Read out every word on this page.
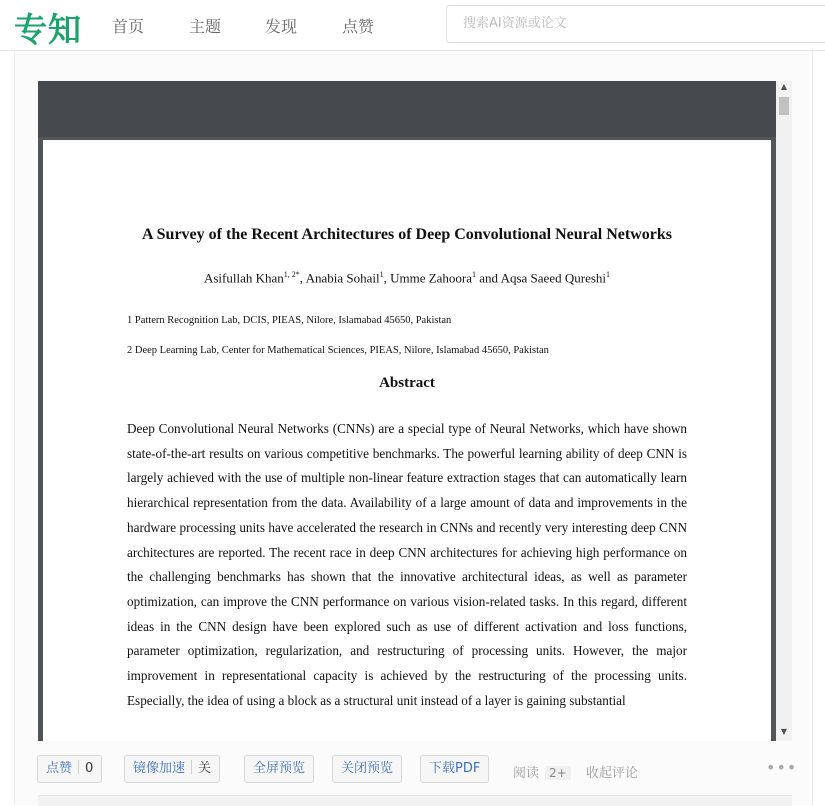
专知 首页	主题	发现	点赞
搜索AI资源或论文
A Survey of the Recent Architectures of Deep Convolutional Neural Networks
Asifullah Khan$^{1, 2*}$, Anabia Sohail$^1$, Umme Zahoora$^1$ and Aqsa Saeed Qureshi$^1$
1 Pattern Recognition Lab, DCIS, PIEAS, Nilore, Islamabad 45650, Pakistan
2 Deep Learning Lab, Center for Mathematical Sciences, PIEAS, Nilore, Islamabad 45650, Pakistan
Abstract
Deep Convolutional Neural Networks (CNNs) are a special type of Neural Networks, which have shown state-of-the-art results on various competitive benchmarks. The powerful learning ability of deep CNN is largely achieved with the use of multiple non-linear feature extraction stages that can automatically learn hierarchical representation from the data. Availability of a large amount of data and improvements in the hardware processing units have accelerated the research in CNNs and recently very interesting deep CNN architectures are reported. The recent race in deep CNN architectures for achieving high performance on the challenging benchmarks has shown that the innovative architectural ideas, as well as parameter optimization, can improve the CNN performance on various vision-related tasks. In this regard, different ideas in the CNN design have been explored such as use of different activation and loss functions, parameter optimization, regularization, and restructuring of processing units. However, the major improvement in representational capacity is achieved by the restructuring of the processing units. Especially, the idea of using a block as a structural unit instead of a layer is gaining substantial
▲
▼
点赞 0	镜像加速 关	全屏预览	关闭预览	下载PDF	阅读 2+	收起评论	•••
